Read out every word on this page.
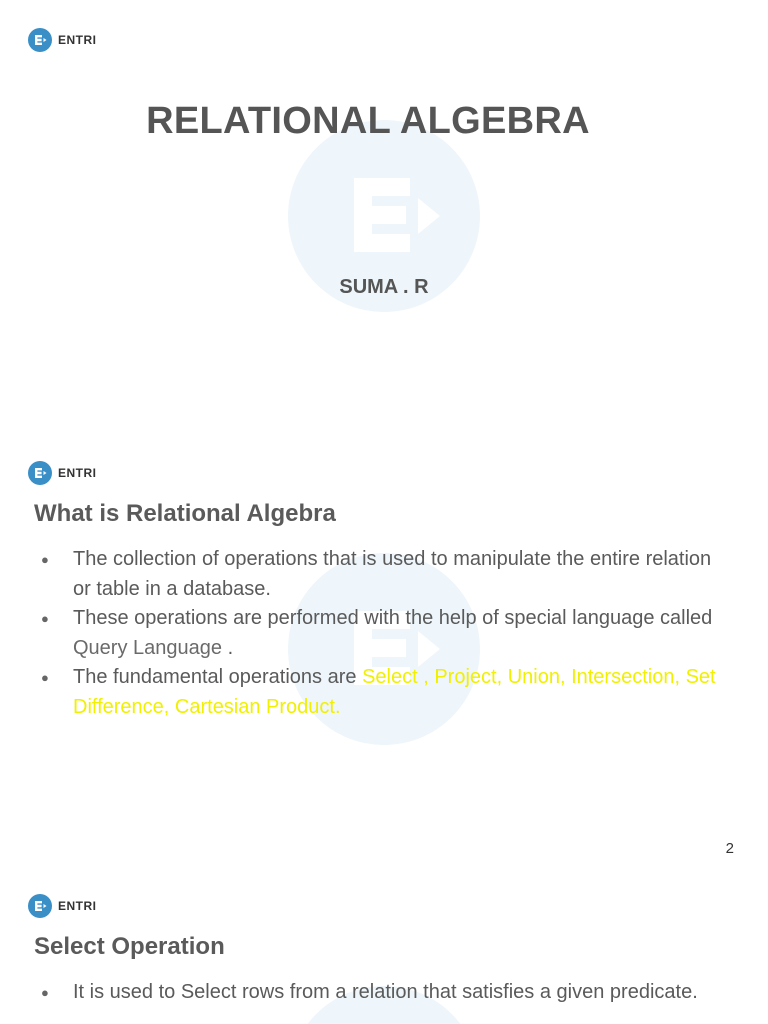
ENTRI
RELATIONAL ALGEBRA
SUMA . R
ENTRI
What is Relational Algebra
● The collection of operations that is used to manipulate the entire relation or table in a database.
● These operations are performed with the help of special language called Query Language .
● The fundamental operations are Select , Project, Union, Intersection, Set Difference, Cartesian Product.
2
ENTRI
Select Operation
● It is used to Select rows from a relation that satisfies a given predicate.
